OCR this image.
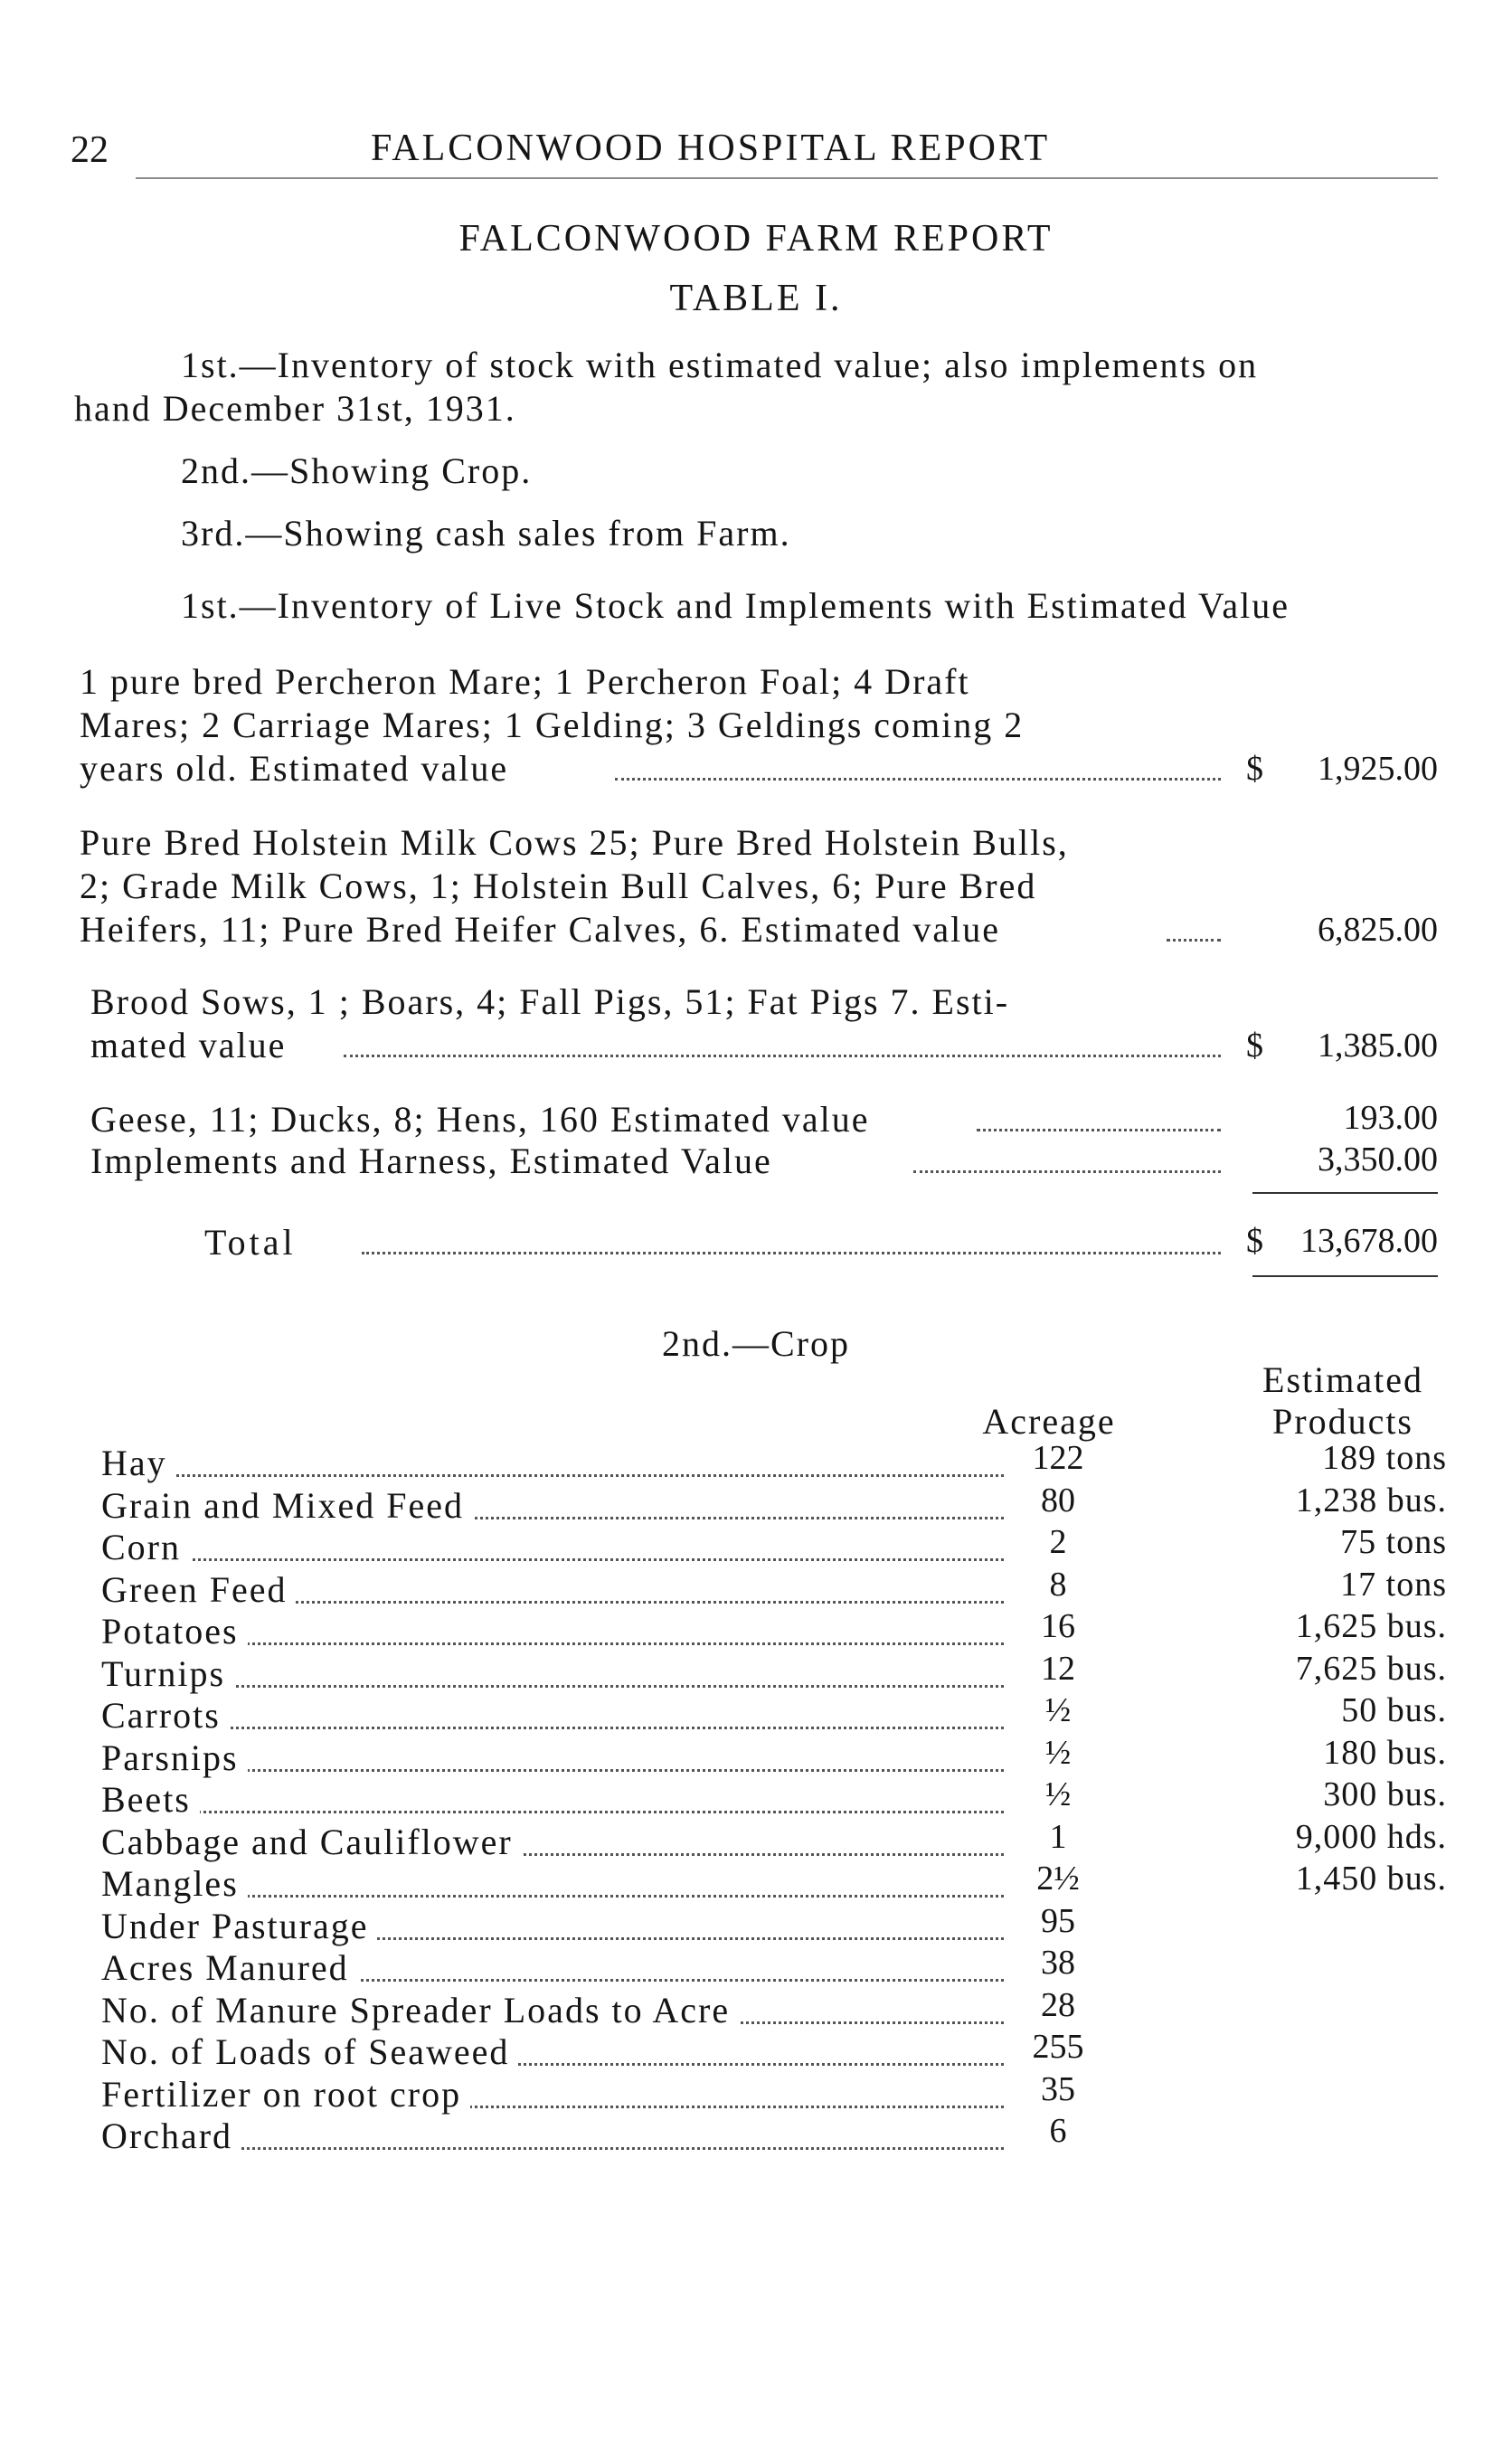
22	FALCONWOOD HOSPITAL REPORT
FALCONWOOD FARM REPORT
TABLE I.
1st.—Inventory of stock with estimated value; also implements on
hand December 31st, 1931.
2nd.—Showing Crop.
3rd.—Showing cash sales from Farm.
1st.—Inventory of Live Stock and Implements with Estimated Value
1 pure bred Percheron Mare; 1 Percheron Foal; 4 Draft
Mares; 2 Carriage Mares; 1 Gelding; 3 Geldings coming 2
years old. Estimated value	$	1,925.00
Pure Bred Holstein Milk Cows 25; Pure Bred Holstein Bulls,
2; Grade Milk Cows, 1; Holstein Bull Calves, 6; Pure Bred
Heifers, 11; Pure Bred Heifer Calves, 6. Estimated value	6,825.00
Brood Sows, 1 ; Boars, 4; Fall Pigs, 51; Fat Pigs 7. Esti-
mated value	$	1,385.00
Geese, 11; Ducks, 8; Hens, 160 Estimated value	193.00
Implements and Harness, Estimated Value	3,350.00
Total	$	13,678.00
2nd.—Crop
Estimated
Acreage	Products
Hay	122	189 tons
Grain and Mixed Feed	80	1,238 bus.
Corn	2	75 tons
Green Feed	8	17 tons
Potatoes	16	1,625 bus.
Turnips	12	7,625 bus.
Carrots	½	50 bus.
Parsnips	½	180 bus.
Beets	½	300 bus.
Cabbage and Cauliflower	1	9,000 hds.
Mangles	2½	1,450 bus.
Under Pasturage	95
Acres Manured	38
No. of Manure Spreader Loads to Acre	28
No. of Loads of Seaweed	255
Fertilizer on root crop	35
Orchard	6
